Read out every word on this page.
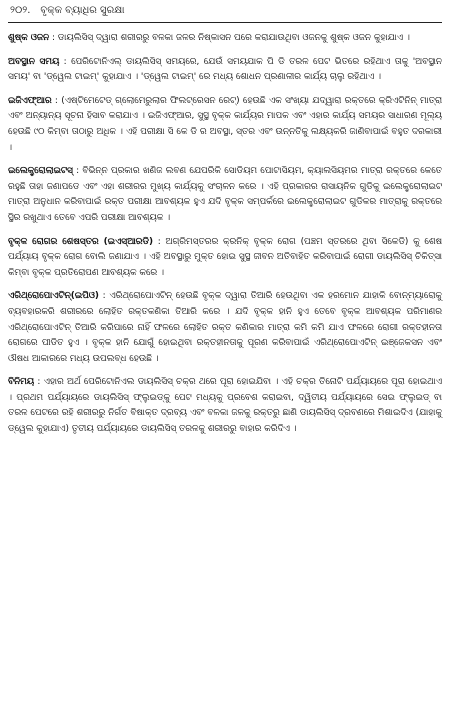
୨୦୨. ବୃକ୍କ ବ୍ୟାଧିର ସୁରକ୍ଷା

ଶୁଷ୍କ ଓଜନ : ଡାୟଲିସିସ୍ ଦ୍ୱାରା ଶରୀରରୁ ବଳକା ଜଳର ନିଷ୍କାସନ ପରେ କରାଯାଉଥିବା ଓଜନକୁ ଶୁଷ୍କ ଓଜନ କୁହାଯାଏ ।

ଅବସ୍ଥାନ ସମୟ : ପେରିଟୋନିଏଲ୍ ଡାୟଲିସିସ୍ ସମୟରେ, ଯେଉଁ ସମୟଯାକ ପି ଡି ତରଳ ପେଟ ଭିତରେ ରହିଥାଏ ତାକୁ 'ଅବସ୍ଥାନ ସମୟ' ବା 'ଡ୍ୱେଲ ଟାଇମ୍' କୁହାଯାଏ । 'ଡ୍ୱେଲ ଟାଇମ୍' ରେ ମଧ୍ୟ ଶୋଧନ ପ୍ରଣାଳୀର କାର୍ଯ୍ୟ ଚାଲୁ ରହିଥାଏ ।

ଇଜିଏଫ୍ଆର : (ଏଷ୍ଟିମେଟେଡ୍ ଗ୍ଲୋମେରୁଲାର ଫିଲଟ୍ରେସନ ରେଟ୍) ହେଉଛି ଏକ ସଂଖ୍ୟା ଯଦ୍ୱାରା ରକ୍ତରେ କ୍ରିଏଟିନିନ୍ ମାତ୍ରା ଏବଂ ଅନ୍ୟାନ୍ୟ ସୂଚନା ହିସାବ କରାଯାଏ । ଇଜିଏଫ୍ଆର, ସୁସ୍ଥ ବୃକ୍କ କାର୍ଯ୍ୟର ମାପକ ଏବଂ ଏହାର କାର୍ଯ୍ୟ ସମୟର ସାଧାରଣ ମୂଲ୍ୟ ହେଉଛି ୯୦ କିମ୍ବା ତାଠାରୁ ଅଧିକ । ଏହି ପରୀକ୍ଷା ସି କେ ଡି ର ଅବସ୍ଥା, ସ୍ତର ଏବଂ ଉନ୍ନତିକୁ ଲକ୍ଷ୍ୟକରି ଜାଣିବାପାଇଁ ବହୁତ ଦରକାରୀ ।

ଇଲେକ୍ଟ୍ରୋଲାଇଟସ୍ : ବିଭିନ୍ନ ପ୍ରକାର ଖଣିଜ ଲବଣ ଯେପରିକି ସୋଡିୟମ ପୋଟାସିୟମ, କ୍ୟାଲସିୟମର ମାତ୍ରା ରକ୍ତରେ କେତେ ରହୁଛି ତାହା ଜଣାପଡେ ଏବଂ ଏହା ଶରୀରର ମୁଖ୍ୟ କାର୍ଯ୍ୟକୁ ସଂଚାଳନ କରେ । ଏହି ପ୍ରକାରର ରାସାୟନିକ ଗୁଡିକୁ ଇଲେକ୍ଟ୍ରୋଲାଇଟ ମାତ୍ରା ଅନୁଧାନ କରିବାପାଇଁ ରକ୍ତ ପରୀକ୍ଷା ଆବଶ୍ୟକ ହୁଏ ଯଦି ବୃକ୍କ ସମ୍ପର୍କରେ ଇଲେକ୍ଟ୍ରୋଲାଇଟ ଗୁଡିକର ମାତ୍ରାକୁ ରକ୍ତରେ ସ୍ଥିର ରଖୁଥାଏ ତେବେ ଏପରି ପରୀକ୍ଷା ଆବଶ୍ୟକ ।

ବୃକ୍କ ରୋଗର ଶେଷସ୍ତର (ଇଏସ୍ଆରଡି) : ଅଗ୍ରିମସ୍ତରର କ୍ରନିକ୍ ବୃକ୍କ ରୋଗ (ପଞ୍ଚମ ସ୍ତରରେ ଥିବା ସିକେଡି) କୁ ଶେଷ ପର୍ଯ୍ୟାୟ ବୃକ୍କ ରୋଗ ବୋଲି ଜଣାଯାଏ । ଏହି ଅବସ୍ଥାରୁ ମୁକ୍ତ ହୋଇ ସୁସ୍ଥ ଜୀବନ ଅତିବାହିତ କରିବାପାଇଁ ରୋଗୀ ଡାୟଲିସିସ୍ ଚିକିତ୍ସା କିମ୍ବା ବୃକ୍କ ପ୍ରତିରୋପଣ ଆବଶ୍ୟକ କରେ ।

ଏରିଥ୍ରୋପୋଏଟିନ୍(ଇପିଓ) : ଏରିଥ୍ରୋପୋଏଟିନ୍ ହେଉଛି ବୃକ୍କ ଦ୍ୱାରା ତିଆରି ହେଉଥିବା ଏକ ହରମୋନ ଯାହାକି ବୋନ୍ମ୍ୟାରୋକୁ ବ୍ୟବହାରକରି ଶରୀରରେ ଲୋହିତ ରକ୍ତକଣିକା ତିଆରି କରେ । ଯଦି ବୃକ୍କ ହାନି ହୁଏ ତେବେ ବୃକ୍କ ଆବଶ୍ୟକ ପରିମାଣର ଏରିଥ୍ରୋପୋଏଟିନ୍ ତିଆରି କରିପାରେ ନାହିଁ ଫଳରେ ଲୋହିତ ରକ୍ତ କଣିକାର ମାତ୍ରା କମି କମି ଯାଏ ଫଳରେ ରୋଗୀ ରକ୍ତହୀନତା ରୋଗରେ ପୀଡିତ ହୁଏ । ବୃକ୍କ ହାନି ଯୋଗୁଁ ହୋଇଥିବା ରକ୍ତହୀନତାକୁ ପୂରଣ କରିବାପାଇଁ ଏରିଥ୍ରୋପୋଏଟିନ୍ ଇଞ୍ଜେକସନ ଏବଂ ଔଷଧ ଆକାରରେ ମଧ୍ୟ ଉପଲବ୍ଧ ହେଉଛି ।

ବିନିମୟ : ଏହାର ଅର୍ଥ ପେରିଟୋନିଏଲ ଡାୟଲିସିସ୍ ଚକ୍ର ଥରେ ପୂରା ହୋଇଯିବା । ଏହି ଚକ୍ର ତିନୋଟି ପର୍ଯ୍ୟାୟରେ ପୂରା ହୋଇଥାଏ । ପ୍ରଥମ ପର୍ଯ୍ୟାୟରେ ଡାୟଲିସିସ୍ ଫ୍ଲୁଇଡ୍କୁ ପେଟ ମଧ୍ୟକୁ ପ୍ରବେଶ କରାଇବା, ଦ୍ୱିତୀୟ ପର୍ଯ୍ୟାୟରେ ସେଇ ଫ୍ଲୁଇଡ୍ ବା ତରଳ ପେଟରେ ରହି ଶରୀରରୁ ନିର୍ଗତ ବିଷାକ୍ତ ଦ୍ରବ୍ୟ ଏବଂ ବଳକା ଜଳକୁ ରକ୍ତରୁ ଛାଣି ଡାୟଲିସିସ୍ ଦ୍ରବଣରେ ମିଶାଇଦିଏ (ଯାହାକୁ ଡ୍ୱେଲ କୁହାଯାଏ) ତୃତୀୟ ପର୍ଯ୍ୟାୟରେ ଡାୟଲିସିସ୍ ତରଳକୁ ଶରୀରରୁ ବାହାର କରିଦିଏ ।
